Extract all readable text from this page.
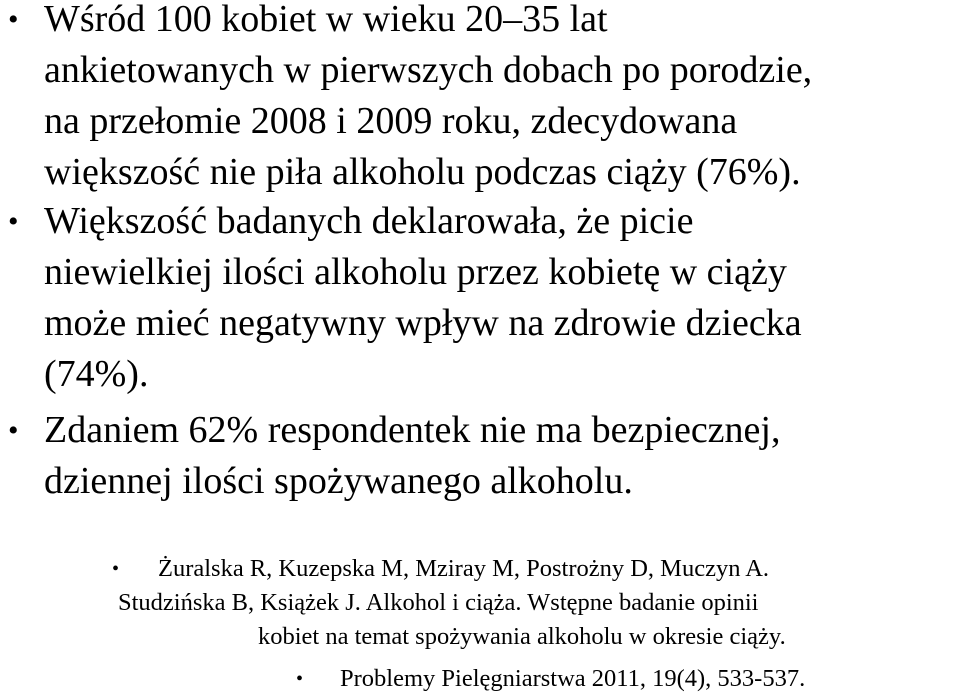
• Wśród 100 kobiet w wieku 20–35 lat
ankietowanych w pierwszych dobach po porodzie,
na przełomie 2008 i 2009 roku, zdecydowana
większość nie piła alkoholu podczas ciąży (76%).
• Większość badanych deklarowała, że picie
niewielkiej ilości alkoholu przez kobietę w ciąży
może mieć negatywny wpływ na zdrowie dziecka
(74%).
• Zdaniem 62% respondentek nie ma bezpiecznej,
dziennej ilości spożywanego alkoholu.
• Żuralska R, Kuzepska M, Mziray M, Postrożny D, Muczyn A.
Studzińska B, Książek J. Alkohol i ciąża. Wstępne badanie opinii
kobiet na temat spożywania alkoholu w okresie ciąży.
• Problemy Pielęgniarstwa 2011, 19(4), 533-537.
